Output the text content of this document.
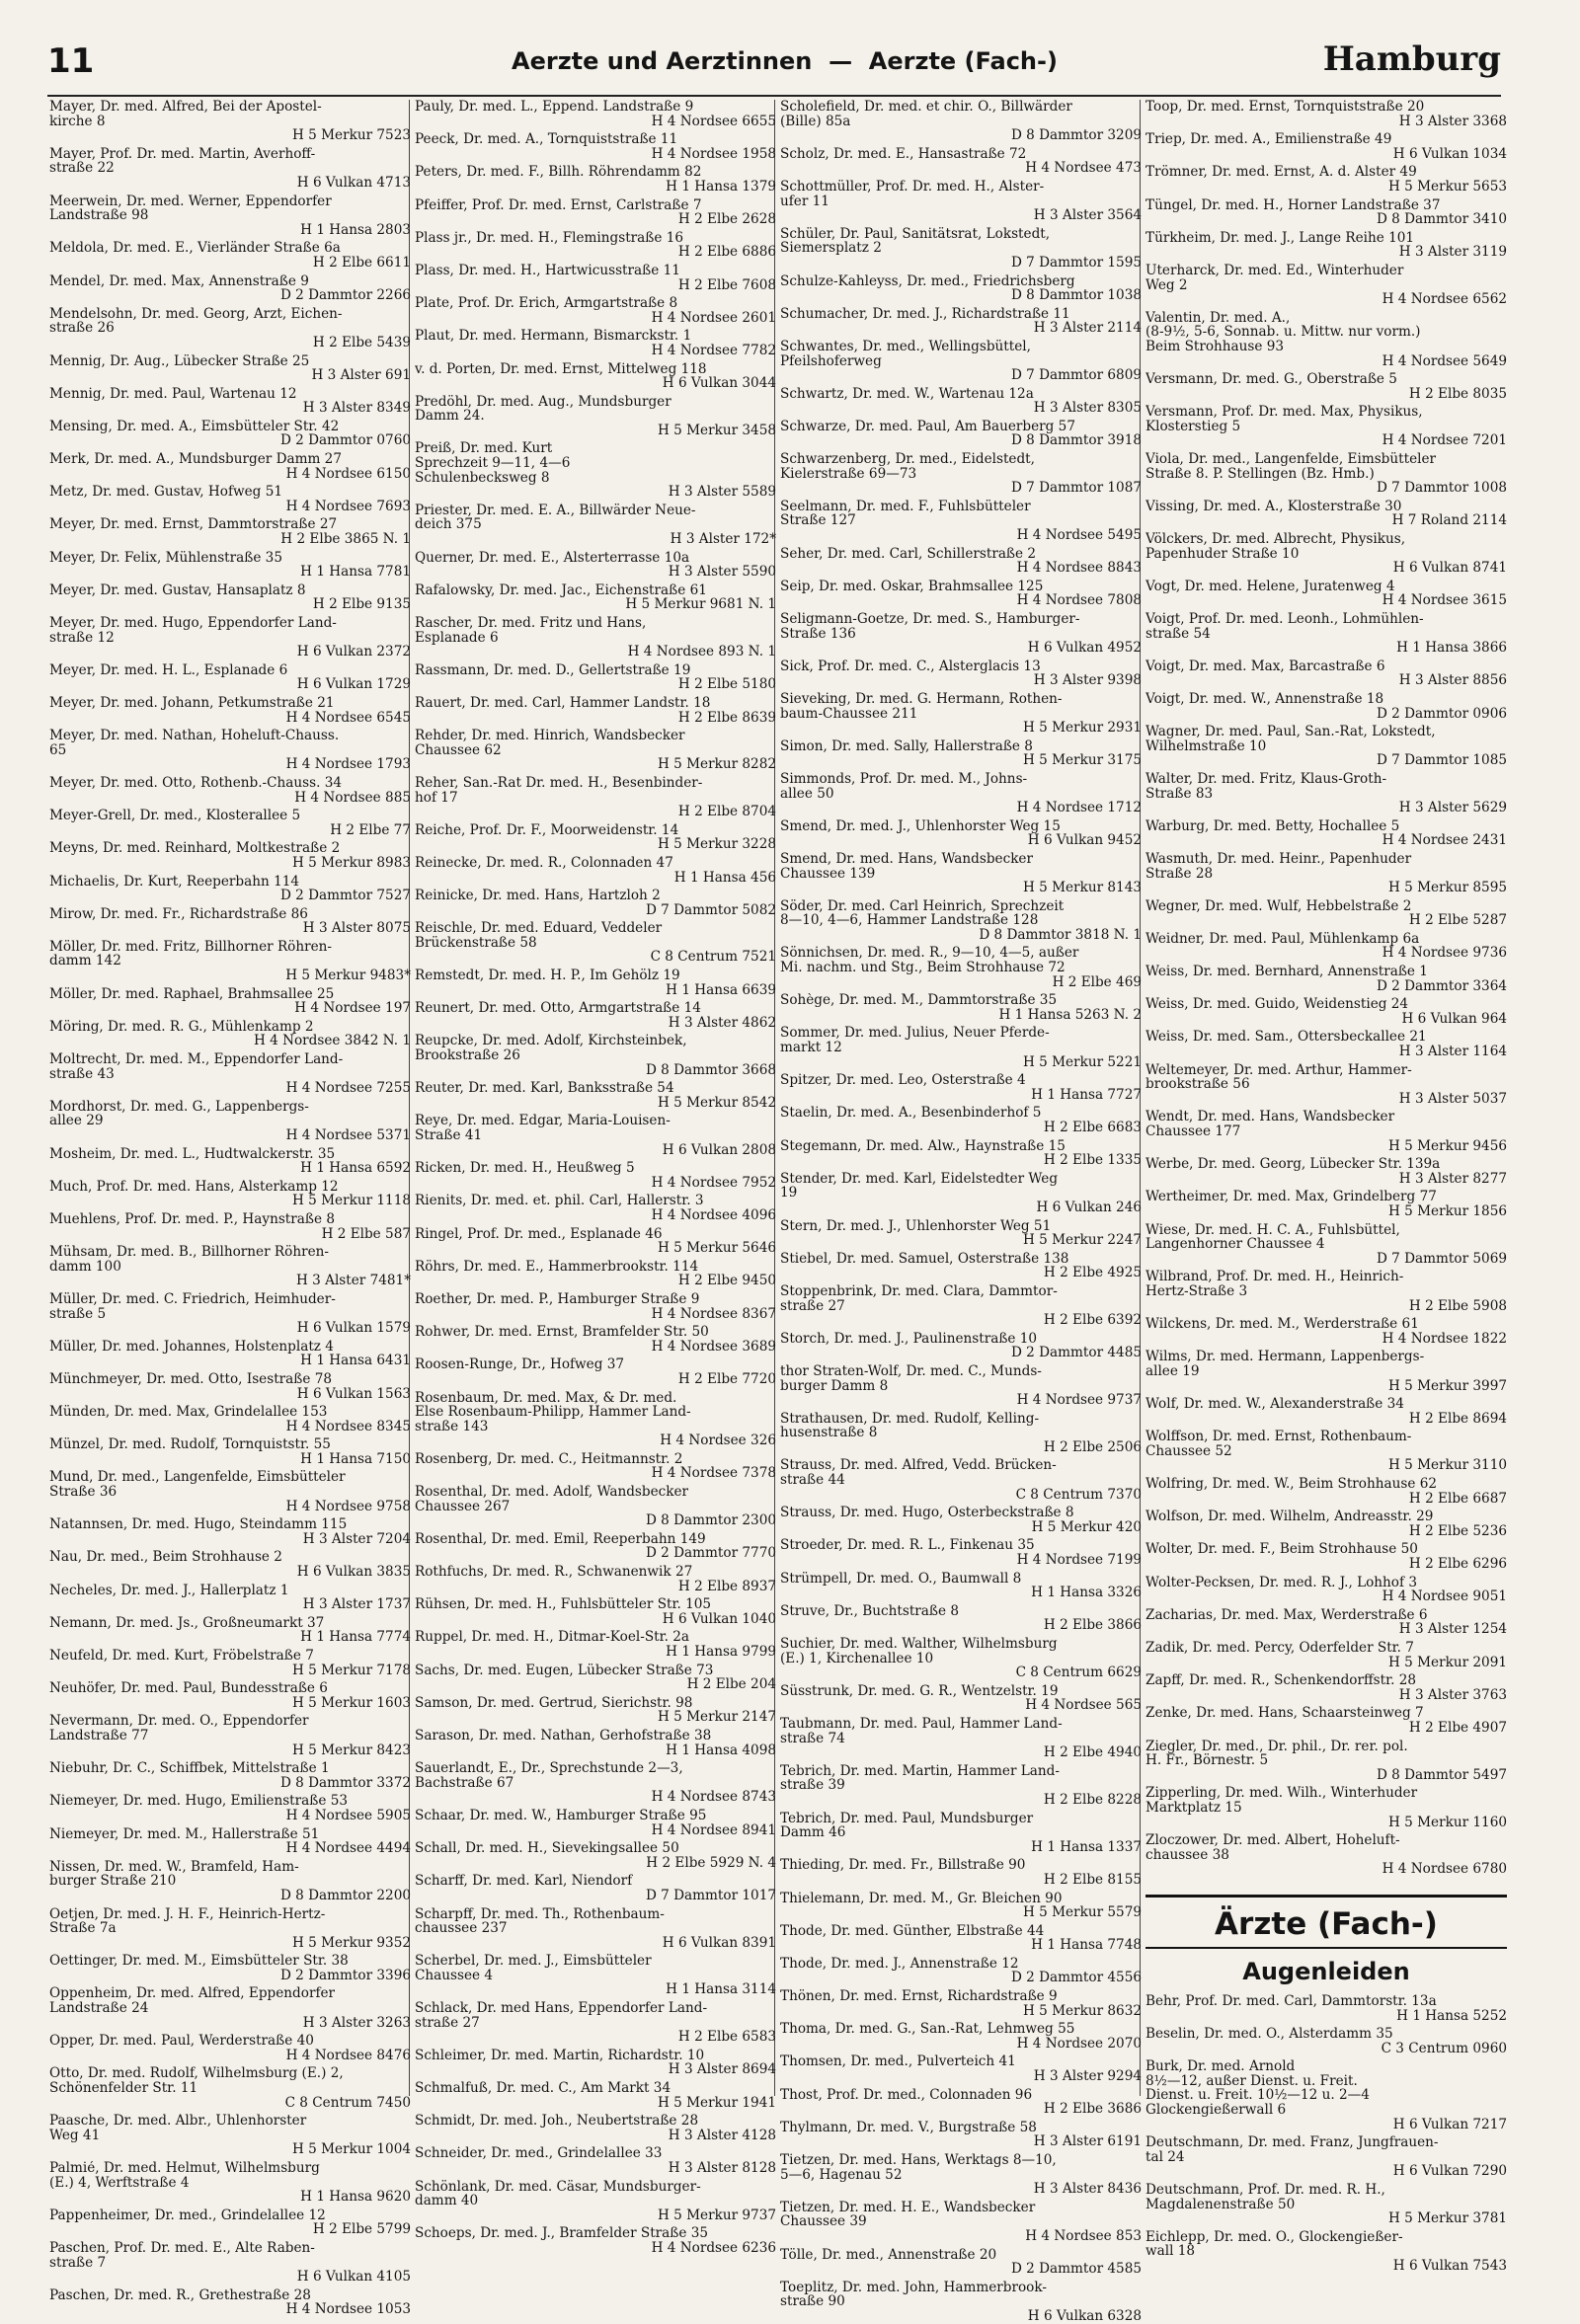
11	Aerzte und Aerztinnen  —  Aerzte (Fach-)	Hamburg
Mayer, Dr. med. Alfred, Bei der Apostel-
kirche 8
H 5 Merkur 7523
Mayer, Prof. Dr. med. Martin, Averhoff-
straße 22
H 6 Vulkan 4713
Meerwein, Dr. med. Werner, Eppendorfer
Landstraße 98
H 1 Hansa 2803
Meldola, Dr. med. E., Vierländer Straße 6a
H 2 Elbe 6611
Mendel, Dr. med. Max, Annenstraße 9
D 2 Dammtor 2266
Mendelsohn, Dr. med. Georg, Arzt, Eichen-
straße 26
H 2 Elbe 5439
Mennig, Dr. Aug., Lübecker Straße 25
H 3 Alster 691
Mennig, Dr. med. Paul, Wartenau 12
H 3 Alster 8349
Mensing, Dr. med. A., Eimsbütteler Str. 42
D 2 Dammtor 0760
Merk, Dr. med. A., Mundsburger Damm 27
H 4 Nordsee 6150
Metz, Dr. med. Gustav, Hofweg 51
H 4 Nordsee 7693
Meyer, Dr. med. Ernst, Dammtorstraße 27
H 2 Elbe 3865 N. 1
Meyer, Dr. Felix, Mühlenstraße 35
H 1 Hansa 7781
Meyer, Dr. med. Gustav, Hansaplatz 8
H 2 Elbe 9135
Meyer, Dr. med. Hugo, Eppendorfer Land-
straße 12
H 6 Vulkan 2372
Meyer, Dr. med. H. L., Esplanade 6
H 6 Vulkan 1729
Meyer, Dr. med. Johann, Petkumstraße 21
H 4 Nordsee 6545
Meyer, Dr. med. Nathan, Hoheluft-Chauss.
65
H 4 Nordsee 1793
Meyer, Dr. med. Otto, Rothenb.-Chauss. 34
H 4 Nordsee 885
Meyer-Grell, Dr. med., Klosterallee 5
H 2 Elbe 77
Meyns, Dr. med. Reinhard, Moltkestraße 2
H 5 Merkur 8983
Michaelis, Dr. Kurt, Reeperbahn 114
D 2 Dammtor 7527
Mirow, Dr. med. Fr., Richardstraße 86
H 3 Alster 8075
Möller, Dr. med. Fritz, Billhorner Röhren-
damm 142
H 5 Merkur 9483*
Möller, Dr. med. Raphael, Brahmsallee 25
H 4 Nordsee 197
Möring, Dr. med. R. G., Mühlenkamp 2
H 4 Nordsee 3842 N. 1
Moltrecht, Dr. med. M., Eppendorfer Land-
straße 43
H 4 Nordsee 7255
Mordhorst, Dr. med. G., Lappenbergs-
allee 29
H 4 Nordsee 5371
Mosheim, Dr. med. L., Hudtwalckerstr. 35
H 1 Hansa 6592
Much, Prof. Dr. med. Hans, Alsterkamp 12
H 5 Merkur 1118
Muehlens, Prof. Dr. med. P., Haynstraße 8
H 2 Elbe 587
Mühsam, Dr. med. B., Billhorner Röhren-
damm 100
H 3 Alster 7481*
Müller, Dr. med. C. Friedrich, Heimhuder-
straße 5
H 6 Vulkan 1579
Müller, Dr. med. Johannes, Holstenplatz 4
H 1 Hansa 6431
Münchmeyer, Dr. med. Otto, Isestraße 78
H 6 Vulkan 1563
Münden, Dr. med. Max, Grindelallee 153
H 4 Nordsee 8345
Münzel, Dr. med. Rudolf, Tornquiststr. 55
H 1 Hansa 7150
Mund, Dr. med., Langenfelde, Eimsbütteler
Straße 36
H 4 Nordsee 9758
Natannsen, Dr. med. Hugo, Steindamm 115
H 3 Alster 7204
Nau, Dr. med., Beim Strohhause 2
H 6 Vulkan 3835
Necheles, Dr. med. J., Hallerplatz 1
H 3 Alster 1737
Nemann, Dr. med. Js., Großneumarkt 37
H 1 Hansa 7774
Neufeld, Dr. med. Kurt, Fröbelstraße 7
H 5 Merkur 7178
Neuhöfer, Dr. med. Paul, Bundesstraße 6
H 5 Merkur 1603
Nevermann, Dr. med. O., Eppendorfer
Landstraße 77
H 5 Merkur 8423
Niebuhr, Dr. C., Schiffbek, Mittelstraße 1
D 8 Dammtor 3372
Niemeyer, Dr. med. Hugo, Emilienstraße 53
H 4 Nordsee 5905
Niemeyer, Dr. med. M., Hallerstraße 51
H 4 Nordsee 4494
Nissen, Dr. med. W., Bramfeld, Ham-
burger Straße 210
D 8 Dammtor 2200
Oetjen, Dr. med. J. H. F., Heinrich-Hertz-
Straße 7a
H 5 Merkur 9352
Oettinger, Dr. med. M., Eimsbütteler Str. 38
D 2 Dammtor 3396
Oppenheim, Dr. med. Alfred, Eppendorfer
Landstraße 24
H 3 Alster 3263
Opper, Dr. med. Paul, Werderstraße 40
H 4 Nordsee 8476
Otto, Dr. med. Rudolf, Wilhelmsburg (E.) 2,
Schönenfelder Str. 11
C 8 Centrum 7450
Paasche, Dr. med. Albr., Uhlenhorster
Weg 41
H 5 Merkur 1004
Palmié, Dr. med. Helmut, Wilhelmsburg
(E.) 4, Werftstraße 4
H 1 Hansa 9620
Pappenheimer, Dr. med., Grindelallee 12
H 2 Elbe 5799
Paschen, Prof. Dr. med. E., Alte Raben-
straße 7
H 6 Vulkan 4105
Paschen, Dr. med. R., Grethestraße 28
H 4 Nordsee 1053
Pauly, Dr. med. L., Eppend. Landstraße 9
H 4 Nordsee 6655
Peeck, Dr. med. A., Tornquiststraße 11
H 4 Nordsee 1958
Peters, Dr. med. F., Billh. Röhrendamm 82
H 1 Hansa 1379
Pfeiffer, Prof. Dr. med. Ernst, Carlstraße 7
H 2 Elbe 2628
Plass jr., Dr. med. H., Flemingstraße 16
H 2 Elbe 6886
Plass, Dr. med. H., Hartwicusstraße 11
H 2 Elbe 7608
Plate, Prof. Dr. Erich, Armgartstraße 8
H 4 Nordsee 2601
Plaut, Dr. med. Hermann, Bismarckstr. 1
H 4 Nordsee 7782
v. d. Porten, Dr. med. Ernst, Mittelweg 118
H 6 Vulkan 3044
Predöhl, Dr. med. Aug., Mundsburger
Damm 24.
H 5 Merkur 3458
Preiß, Dr. med. Kurt
Sprechzeit 9—11, 4—6
Schulenbecksweg 8
H 3 Alster 5589
Priester, Dr. med. E. A., Billwärder Neue-
deich 375
H 3 Alster 172*
Querner, Dr. med. E., Alsterterrasse 10a
H 3 Alster 5590
Rafalowsky, Dr. med. Jac., Eichenstraße 61
H 5 Merkur 9681 N. 1
Rascher, Dr. med. Fritz und Hans,
Esplanade 6
H 4 Nordsee 893 N. 1
Rassmann, Dr. med. D., Gellertstraße 19
H 2 Elbe 5180
Rauert, Dr. med. Carl, Hammer Landstr. 18
H 2 Elbe 8639
Rehder, Dr. med. Hinrich, Wandsbecker
Chaussee 62
H 5 Merkur 8282
Reher, San.-Rat Dr. med. H., Besenbinder-
hof 17
H 2 Elbe 8704
Reiche, Prof. Dr. F., Moorweidenstr. 14
H 5 Merkur 3228
Reinecke, Dr. med. R., Colonnaden 47
H 1 Hansa 456
Reinicke, Dr. med. Hans, Hartzloh 2
D 7 Dammtor 5082
Reischle, Dr. med. Eduard, Veddeler
Brückenstraße 58
C 8 Centrum 7521
Remstedt, Dr. med. H. P., Im Gehölz 19
H 1 Hansa 6639
Reunert, Dr. med. Otto, Armgartstraße 14
H 3 Alster 4862
Reupcke, Dr. med. Adolf, Kirchsteinbek,
Brookstraße 26
D 8 Dammtor 3668
Reuter, Dr. med. Karl, Banksstraße 54
H 5 Merkur 8542
Reye, Dr. med. Edgar, Maria-Louisen-
Straße 41
H 6 Vulkan 2808
Ricken, Dr. med. H., Heußweg 5
H 4 Nordsee 7952
Rienits, Dr. med. et. phil. Carl, Hallerstr. 3
H 4 Nordsee 4096
Ringel, Prof. Dr. med., Esplanade 46
H 5 Merkur 5646
Röhrs, Dr. med. E., Hammerbrookstr. 114
H 2 Elbe 9450
Roether, Dr. med. P., Hamburger Straße 9
H 4 Nordsee 8367
Rohwer, Dr. med. Ernst, Bramfelder Str. 50
H 4 Nordsee 3689
Roosen-Runge, Dr., Hofweg 37
H 2 Elbe 7720
Rosenbaum, Dr. med. Max, & Dr. med.
Else Rosenbaum-Philipp, Hammer Land-
straße 143
H 4 Nordsee 326
Rosenberg, Dr. med. C., Heitmannstr. 2
H 4 Nordsee 7378
Rosenthal, Dr. med. Adolf, Wandsbecker
Chaussee 267
D 8 Dammtor 2300
Rosenthal, Dr. med. Emil, Reeperbahn 149
D 2 Dammtor 7770
Rothfuchs, Dr. med. R., Schwanenwik 27
H 2 Elbe 8937
Rühsen, Dr. med. H., Fuhlsbütteler Str. 105
H 6 Vulkan 1040
Ruppel, Dr. med. H., Ditmar-Koel-Str. 2a
H 1 Hansa 9799
Sachs, Dr. med. Eugen, Lübecker Straße 73
H 2 Elbe 204
Samson, Dr. med. Gertrud, Sierichstr. 98
H 5 Merkur 2147
Sarason, Dr. med. Nathan, Gerhofstraße 38
H 1 Hansa 4098
Sauerlandt, E., Dr., Sprechstunde 2—3,
Bachstraße 67
H 4 Nordsee 8743
Schaar, Dr. med. W., Hamburger Straße 95
H 4 Nordsee 8941
Schall, Dr. med. H., Sievekingsallee 50
H 2 Elbe 5929 N. 4
Scharff, Dr. med. Karl, Niendorf
D 7 Dammtor 1017
Scharpff, Dr. med. Th., Rothenbaum-
chaussee 237
H 6 Vulkan 8391
Scherbel, Dr. med. J., Eimsbütteler
Chaussee 4
H 1 Hansa 3114
Schlack, Dr. med Hans, Eppendorfer Land-
straße 27
H 2 Elbe 6583
Schleimer, Dr. med. Martin, Richardstr. 10
H 3 Alster 8694
Schmalfuß, Dr. med. C., Am Markt 34
H 5 Merkur 1941
Schmidt, Dr. med. Joh., Neubertstraße 28
H 3 Alster 4128
Schneider, Dr. med., Grindelallee 33
H 3 Alster 8128
Schönlank, Dr. med. Cäsar, Mundsburger-
damm 40
H 5 Merkur 9737
Schoeps, Dr. med. J., Bramfelder Straße 35
H 4 Nordsee 6236
Scholefield, Dr. med. et chir. O., Billwärder
(Bille) 85a
D 8 Dammtor 3209
Scholz, Dr. med. E., Hansastraße 72
H 4 Nordsee 473
Schottmüller, Prof. Dr. med. H., Alster-
ufer 11
H 3 Alster 3564
Schüler, Dr. Paul, Sanitätsrat, Lokstedt,
Siemersplatz 2
D 7 Dammtor 1595
Schulze-Kahleyss, Dr. med., Friedrichsberg
D 8 Dammtor 1038
Schumacher, Dr. med. J., Richardstraße 11
H 3 Alster 2114
Schwantes, Dr. med., Wellingsbüttel,
Pfeilshoferweg
D 7 Dammtor 6809
Schwartz, Dr. med. W., Wartenau 12a
H 3 Alster 8305
Schwarze, Dr. med. Paul, Am Bauerberg 57
D 8 Dammtor 3918
Schwarzenberg, Dr. med., Eidelstedt,
Kielerstraße 69—73
D 7 Dammtor 1087
Seelmann, Dr. med. F., Fuhlsbütteler
Straße 127
H 4 Nordsee 5495
Seher, Dr. med. Carl, Schillerstraße 2
H 4 Nordsee 8843
Seip, Dr. med. Oskar, Brahmsallee 125
H 4 Nordsee 7808
Seligmann-Goetze, Dr. med. S., Hamburger-
Straße 136
H 6 Vulkan 4952
Sick, Prof. Dr. med. C., Alsterglacis 13
H 3 Alster 9398
Sieveking, Dr. med. G. Hermann, Rothen-
baum-Chaussee 211
H 5 Merkur 2931
Simon, Dr. med. Sally, Hallerstraße 8
H 5 Merkur 3175
Simmonds, Prof. Dr. med. M., Johns-
allee 50
H 4 Nordsee 1712
Smend, Dr. med. J., Uhlenhorster Weg 15
H 6 Vulkan 9452
Smend, Dr. med. Hans, Wandsbecker
Chaussee 139
H 5 Merkur 8143
Söder, Dr. med. Carl Heinrich, Sprechzeit
8—10, 4—6, Hammer Landstraße 128
D 8 Dammtor 3818 N. 1
Sönnichsen, Dr. med. R., 9—10, 4—5, außer
Mi. nachm. und Stg., Beim Strohhause 72
H 2 Elbe 469
Sohège, Dr. med. M., Dammtorstraße 35
H 1 Hansa 5263 N. 2
Sommer, Dr. med. Julius, Neuer Pferde-
markt 12
H 5 Merkur 5221
Spitzer, Dr. med. Leo, Osterstraße 4
H 1 Hansa 7727
Staelin, Dr. med. A., Besenbinderhof 5
H 2 Elbe 6683
Stegemann, Dr. med. Alw., Haynstraße 15
H 2 Elbe 1335
Stender, Dr. med. Karl, Eidelstedter Weg
19
H 6 Vulkan 246
Stern, Dr. med. J., Uhlenhorster Weg 51
H 5 Merkur 2247
Stiebel, Dr. med. Samuel, Osterstraße 138
H 2 Elbe 4925
Stoppenbrink, Dr. med. Clara, Dammtor-
straße 27
H 2 Elbe 6392
Storch, Dr. med. J., Paulinenstraße 10
D 2 Dammtor 4485
thor Straten-Wolf, Dr. med. C., Munds-
burger Damm 8
H 4 Nordsee 9737
Strathausen, Dr. med. Rudolf, Kelling-
husenstraße 8
H 2 Elbe 2506
Strauss, Dr. med. Alfred, Vedd. Brücken-
straße 44
C 8 Centrum 7370
Strauss, Dr. med. Hugo, Osterbeckstraße 8
H 5 Merkur 420
Stroeder, Dr. med. R. L., Finkenau 35
H 4 Nordsee 7199
Strümpell, Dr. med. O., Baumwall 8
H 1 Hansa 3326
Struve, Dr., Buchtstraße 8
H 2 Elbe 3866
Suchier, Dr. med. Walther, Wilhelmsburg
(E.) 1, Kirchenallee 10
C 8 Centrum 6629
Süsstrunk, Dr. med. G. R., Wentzelstr. 19
H 4 Nordsee 565
Taubmann, Dr. med. Paul, Hammer Land-
straße 74
H 2 Elbe 4940
Tebrich, Dr. med. Martin, Hammer Land-
straße 39
H 2 Elbe 8228
Tebrich, Dr. med. Paul, Mundsburger
Damm 46
H 1 Hansa 1337
Thieding, Dr. med. Fr., Billstraße 90
H 2 Elbe 8155
Thielemann, Dr. med. M., Gr. Bleichen 90
H 5 Merkur 5579
Thode, Dr. med. Günther, Elbstraße 44
H 1 Hansa 7748
Thode, Dr. med. J., Annenstraße 12
D 2 Dammtor 4556
Thönen, Dr. med. Ernst, Richardstraße 9
H 5 Merkur 8632
Thoma, Dr. med. G., San.-Rat, Lehmweg 55
H 4 Nordsee 2070
Thomsen, Dr. med., Pulverteich 41
H 3 Alster 9294
Thost, Prof. Dr. med., Colonnaden 96
H 2 Elbe 3686
Thylmann, Dr. med. V., Burgstraße 58
H 3 Alster 6191
Tietzen, Dr. med. Hans, Werktags 8—10,
5—6, Hagenau 52
H 3 Alster 8436
Tietzen, Dr. med. H. E., Wandsbecker
Chaussee 39
H 4 Nordsee 853
Tölle, Dr. med., Annenstraße 20
D 2 Dammtor 4585
Toeplitz, Dr. med. John, Hammerbrook-
straße 90
H 6 Vulkan 6328
Toop, Dr. med. Ernst, Tornquiststraße 20
H 3 Alster 3368
Triep, Dr. med. A., Emilienstraße 49
H 6 Vulkan 1034
Trömner, Dr. med. Ernst, A. d. Alster 49
H 5 Merkur 5653
Tüngel, Dr. med. H., Horner Landstraße 37
D 8 Dammtor 3410
Türkheim, Dr. med. J., Lange Reihe 101
H 3 Alster 3119
Uterharck, Dr. med. Ed., Winterhuder
Weg 2
H 4 Nordsee 6562
Valentin, Dr. med. A.,
(8-9½, 5-6, Sonnab. u. Mittw. nur vorm.)
Beim Strohhause 93
H 4 Nordsee 5649
Versmann, Dr. med. G., Oberstraße 5
H 2 Elbe 8035
Versmann, Prof. Dr. med. Max, Physikus,
Klosterstieg 5
H 4 Nordsee 7201
Viola, Dr. med., Langenfelde, Eimsbütteler
Straße 8. P. Stellingen (Bz. Hmb.)
D 7 Dammtor 1008
Vissing, Dr. med. A., Klosterstraße 30
H 7 Roland 2114
Völckers, Dr. med. Albrecht, Physikus,
Papenhuder Straße 10
H 6 Vulkan 8741
Vogt, Dr. med. Helene, Juratenweg 4
H 4 Nordsee 3615
Voigt, Prof. Dr. med. Leonh., Lohmühlen-
straße 54
H 1 Hansa 3866
Voigt, Dr. med. Max, Barcastraße 6
H 3 Alster 8856
Voigt, Dr. med. W., Annenstraße 18
D 2 Dammtor 0906
Wagner, Dr. med. Paul, San.-Rat, Lokstedt,
Wilhelmstraße 10
D 7 Dammtor 1085
Walter, Dr. med. Fritz, Klaus-Groth-
Straße 83
H 3 Alster 5629
Warburg, Dr. med. Betty, Hochallee 5
H 4 Nordsee 2431
Wasmuth, Dr. med. Heinr., Papenhuder
Straße 28
H 5 Merkur 8595
Wegner, Dr. med. Wulf, Hebbelstraße 2
H 2 Elbe 5287
Weidner, Dr. med. Paul, Mühlenkamp 6a
H 4 Nordsee 9736
Weiss, Dr. med. Bernhard, Annenstraße 1
D 2 Dammtor 3364
Weiss, Dr. med. Guido, Weidenstieg 24
H 6 Vulkan 964
Weiss, Dr. med. Sam., Ottersbeckallee 21
H 3 Alster 1164
Weltemeyer, Dr. med. Arthur, Hammer-
brookstraße 56
H 3 Alster 5037
Wendt, Dr. med. Hans, Wandsbecker
Chaussee 177
H 5 Merkur 9456
Werbe, Dr. med. Georg, Lübecker Str. 139a
H 3 Alster 8277
Wertheimer, Dr. med. Max, Grindelberg 77
H 5 Merkur 1856
Wiese, Dr. med. H. C. A., Fuhlsbüttel,
Langenhorner Chaussee 4
D 7 Dammtor 5069
Wilbrand, Prof. Dr. med. H., Heinrich-
Hertz-Straße 3
H 2 Elbe 5908
Wilckens, Dr. med. M., Werderstraße 61
H 4 Nordsee 1822
Wilms, Dr. med. Hermann, Lappenbergs-
allee 19
H 5 Merkur 3997
Wolf, Dr. med. W., Alexanderstraße 34
H 2 Elbe 8694
Wolffson, Dr. med. Ernst, Rothenbaum-
Chaussee 52
H 5 Merkur 3110
Wolfring, Dr. med. W., Beim Strohhause 62
H 2 Elbe 6687
Wolfson, Dr. med. Wilhelm, Andreasstr. 29
H 2 Elbe 5236
Wolter, Dr. med. F., Beim Strohhause 50
H 2 Elbe 6296
Wolter-Pecksen, Dr. med. R. J., Lohhof 3
H 4 Nordsee 9051
Zacharias, Dr. med. Max, Werderstraße 6
H 3 Alster 1254
Zadik, Dr. med. Percy, Oderfelder Str. 7
H 5 Merkur 2091
Zapff, Dr. med. R., Schenkendorffstr. 28
H 3 Alster 3763
Zenke, Dr. med. Hans, Schaarsteinweg 7
H 2 Elbe 4907
Ziegler, Dr. med., Dr. phil., Dr. rer. pol.
H. Fr., Börnestr. 5
D 8 Dammtor 5497
Zipperling, Dr. med. Wilh., Winterhuder
Marktplatz 15
H 5 Merkur 1160
Zloczower, Dr. med. Albert, Hoheluft-
chaussee 38
H 4 Nordsee 6780
Ärzte (Fach-)
Augenleiden
Behr, Prof. Dr. med. Carl, Dammtorstr. 13a
H 1 Hansa 5252
Beselin, Dr. med. O., Alsterdamm 35
C 3 Centrum 0960
Burk, Dr. med. Arnold
8½—12, außer Dienst. u. Freit.
Dienst. u. Freit. 10½—12 u. 2—4
Glockengießerwall 6
H 6 Vulkan 7217
Deutschmann, Dr. med. Franz, Jungfrauen-
tal 24
H 6 Vulkan 7290
Deutschmann, Prof. Dr. med. R. H.,
Magdalenenstraße 50
H 5 Merkur 3781
Eichlepp, Dr. med. O., Glockengießer-
wall 18
H 6 Vulkan 7543
